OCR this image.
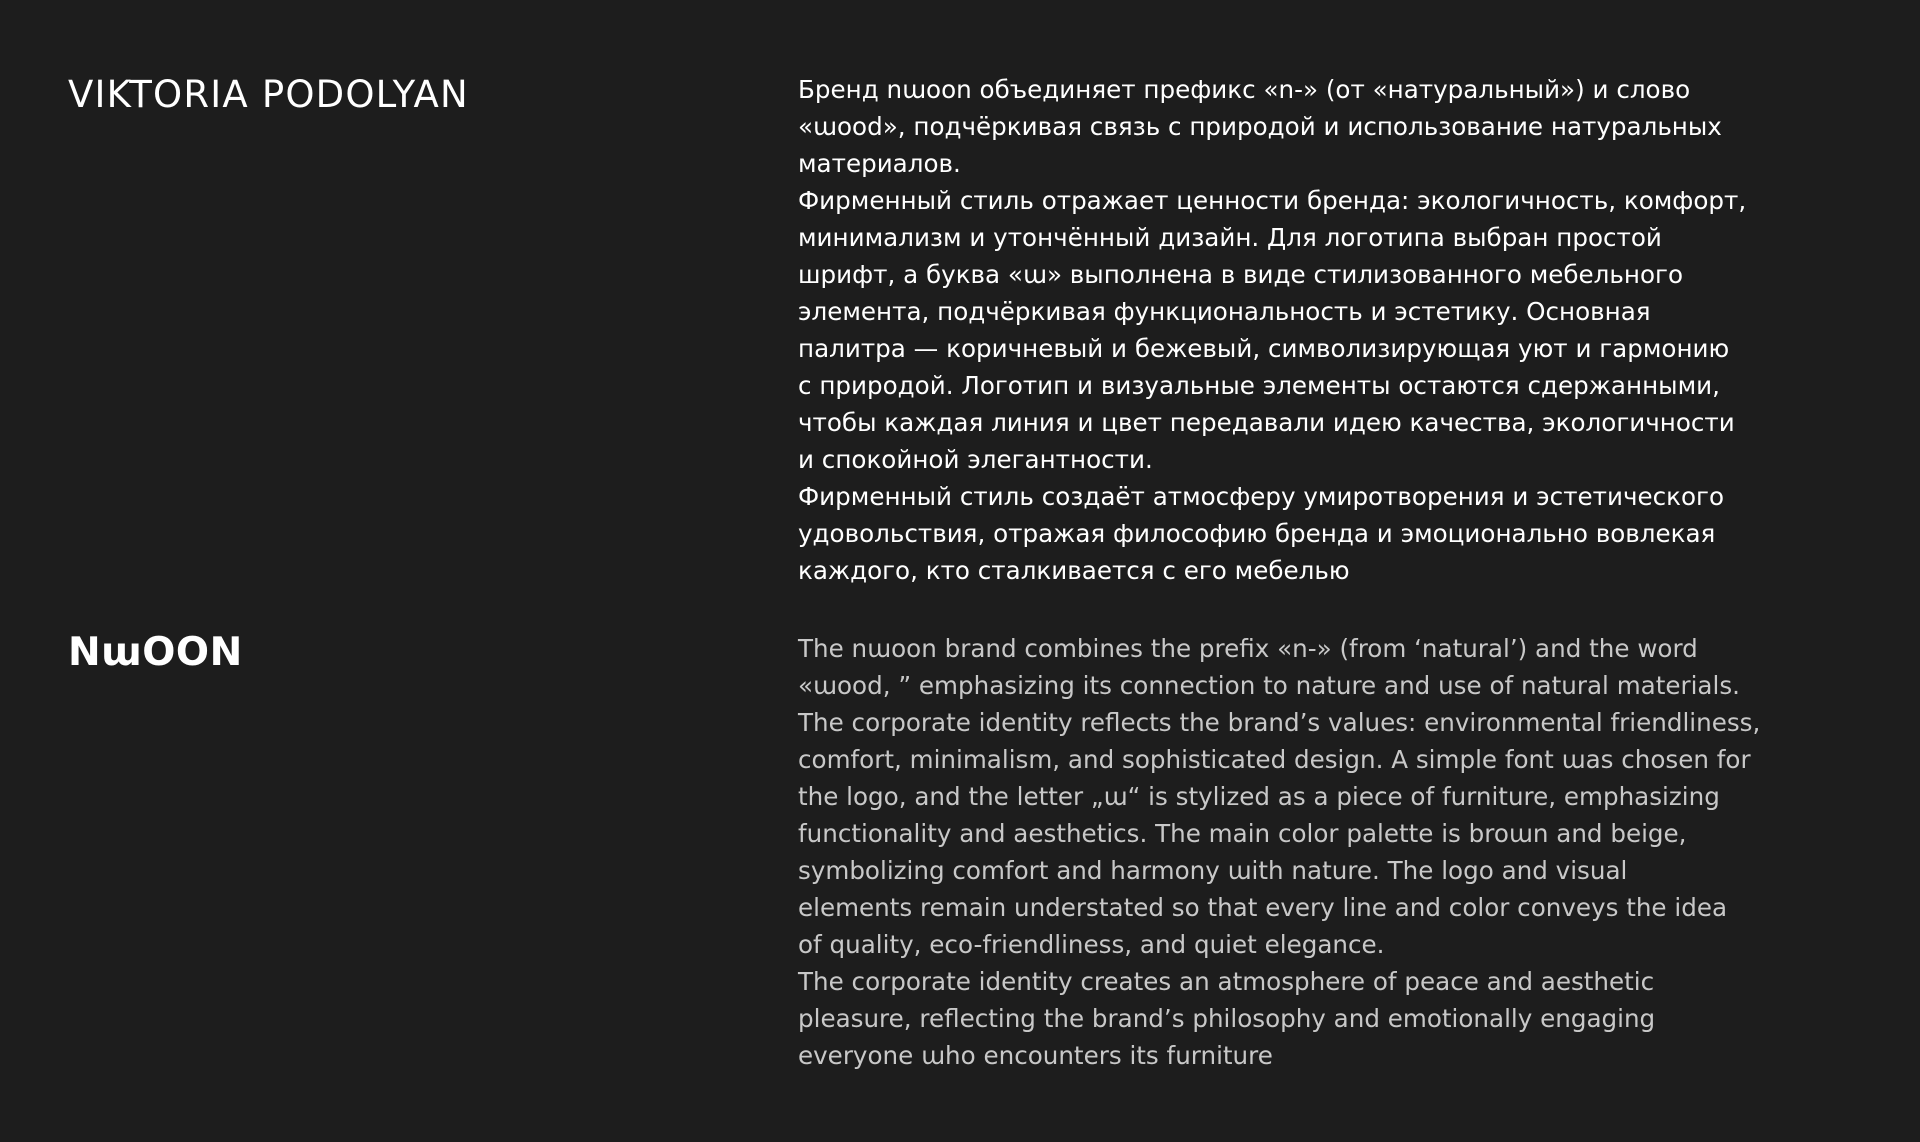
VIKTORIA PODOLYAN
NɯOON

Бренд nɯoon объединяет префикс «n-» (от «натуральный») и слово

«ɯood», подчёркивая связь с природой и использование натуральных

материалов.

Фирменный стиль отражает ценности бренда: экологичность, комфорт,

минимализм и утончённый дизайн. Для логотипа выбран простой

шрифт, а буква «ɯ» выполнена в виде стилизованного мебельного

элемента, подчёркивая функциональность и эстетику. Основная

палитра — коричневый и бежевый, символизирующая уют и гармонию

с природой. Логотип и визуальные элементы остаются сдержанными,

чтобы каждая линия и цвет передавали идею качества, экологичности

и спокойной элегантности.

Фирменный стиль создаёт атмосферу умиротворения и эстетического

удовольствия, отражая философию бренда и эмоционально вовлекая

каждого, кто сталкивается с его мебелью

The nɯoon brand combines the prefix «n-» (from ‘natural’) and the word

«ɯood, ” emphasizing its connection to nature and use of natural materials.

The corporate identity reflects the brand’s values: environmental friendliness,

comfort, minimalism, and sophisticated design. A simple font ɯas chosen for

the logo, and the letter „ɯ“ is stylized as a piece of furniture, emphasizing

functionality and aesthetics. The main color palette is broɯn and beige,

symbolizing comfort and harmony ɯith nature. The logo and visual

elements remain understated so that every line and color conveys the idea

of quality, eco-friendliness, and quiet elegance.

The corporate identity creates an atmosphere of peace and aesthetic

pleasure, reflecting the brand’s philosophy and emotionally engaging

everyone ɯho encounters its furniture
